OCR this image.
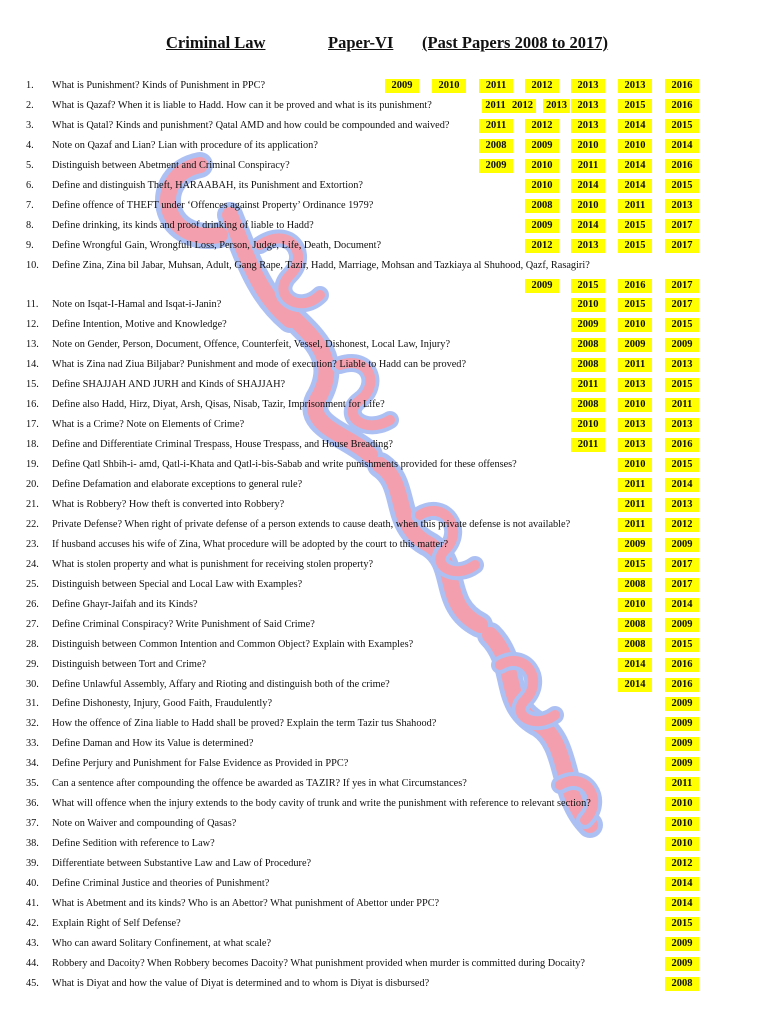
Criminal Law	Paper-VI (Past Papers 2008 to 2017)
1. What is Punishment? Kinds of Punishment in PPC?	2009	2010	2011	2012	2013	2013	2016
2. What is Qazaf? When it is liable to Hadd. How can it be proved and what is its punishment?	2011 2012 2013	2013	2015	2016
3. What is Qatal? Kinds and punishment? Qatal AMD and how could be compounded and waived?	2011	2012	2013	2014	2015
4. Note on Qazaf and Lian? Lian with procedure of its application?	2008	2009	2010	2010	2014
5. Distinguish between Abetment and Criminal Conspiracy?	2009	2010	2011	2014	2016
6. Define and distinguish Theft, HARAABAH, its Punishment and Extortion?	2010	2014	2014	2015
7. Define offence of THEFT under ‘Offences against Property’ Ordinance 1979?	2008	2010	2011	2013
8. Define drinking, its kinds and proof drinking of liable to Hadd?	2009	2014	2015	2017
9. Define Wrongful Gain, Wrongfull Loss, Person, Judge, Life, Death, Document?	2012	2013	2015	2017
10. Define Zina, Zina bil Jabar, Muhsan, Adult, Gang Rape, Tazir, Hadd, Marriage, Mohsan and Tazkiaya al Shuhood, Qazf, Rasagiri?
2009	2015	2016	2017
11. Note on Isqat-I-Hamal and Isqat-i-Janin?	2010	2015	2017
12. Define Intention, Motive and Knowledge?	2009	2010	2015
13. Note on Gender, Person, Document, Offence, Counterfeit, Vessel, Dishonest, Local Law, Injury?	2008	2009	2009
14. What is Zina nad Ziua Biljabar? Punishment and mode of execution? Liable to Hadd can be proved?	2008	2011	2013
15. Define SHAJJAH AND JURH and Kinds of SHAJJAH?	2011	2013	2015
16. Define also Hadd, Hirz, Diyat, Arsh, Qisas, Nisab, Tazir, Imprisonment for Life?	2008	2010	2011
17. What is a Crime? Note on Elements of Crime?	2010	2013	2013
18. Define and Differentiate Criminal Trespass, House Trespass, and House Breading?	2011	2013	2016
19. Define Qatl Shbih-i- amd, Qatl-i-Khata and Qatl-i-bis-Sabab and write punishments provided for these offenses?	2010	2015
20. Define Defamation and elaborate exceptions to general rule?	2011	2014
21. What is Robbery? How theft is converted into Robbery?	2011	2013
22. Private Defense? When right of private defense of a person extends to cause death, when this private defense is not available?	2011	2012
23. If husband accuses his wife of Zina, What procedure will be adopted by the court to this matter?	2009	2009
24. What is stolen property and what is punishment for receiving stolen property?	2015	2017
25. Distinguish between Special and Local Law with Examples?	2008	2017
26. Define Ghayr-Jaifah and its Kinds?	2010	2014
27. Define Criminal Conspiracy? Write Punishment of Said Crime?	2008	2009
28. Distinguish between Common Intention and Common Object? Explain with Examples?	2008	2015
29. Distinguish between Tort and Crime?	2014	2016
30. Define Unlawful Assembly, Affary and Rioting and distinguish both of the crime?	2014	2016
31. Define Dishonesty, Injury, Good Faith, Fraudulently?	2009
32. How the offence of Zina liable to Hadd shall be proved? Explain the term Tazir tus Shahood?	2009
33. Define Daman and How its Value is determined?	2009
34. Define Perjury and Punishment for False Evidence as Provided in PPC?	2009
35. Can a sentence after compounding the offence be awarded as TAZIR? If yes in what Circumstances?	2011
36. What will offence when the injury extends to the body cavity of trunk and write the punishment with reference to relevant section?	2010
37. Note on Waiver and compounding of Qasas?	2010
38. Define Sedition with reference to Law?	2010
39. Differentiate between Substantive Law and Law of Procedure?	2012
40. Define Criminal Justice and theories of Punishment?	2014
41. What is Abetment and its kinds? Who is an Abettor? What punishment of Abettor under PPC?	2014
42. Explain Right of Self Defense?	2015
43. Who can award Solitary Confinement, at what scale?	2009
44. Robbery and Dacoity? When Robbery becomes Dacoity? What punishment provided when murder is committed during Docaity?	2009
45. What is Diyat and how the value of Diyat is determined and to whom is Diyat is disbursed?	2008
